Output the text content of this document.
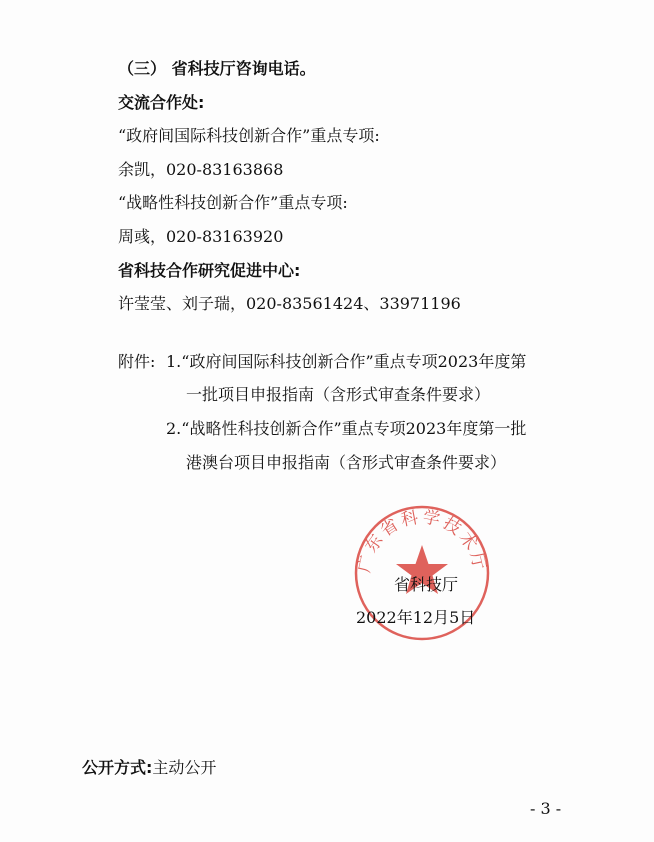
（三） 省科技厅咨询电话。
交流合作处:
“政府间国际科技创新合作”重点专项:
余凯，020-83163868
“战略性科技创新合作”重点专项:
周彧，020-83163920
省科技合作研究促进中心:
许莹莹、刘子瑞，020-83561424、33971196
附件: 1.“政府间国际科技创新合作”重点专项2023年度第
一批项目申报指南（含形式审查条件要求）
2.“战略性科技创新合作”重点专项2023年度第一批
港澳台项目申报指南（含形式审查条件要求）
广东省科学技术厅
省科技厅
2022年12月5日
公开方式:主动公开
- 3 -
